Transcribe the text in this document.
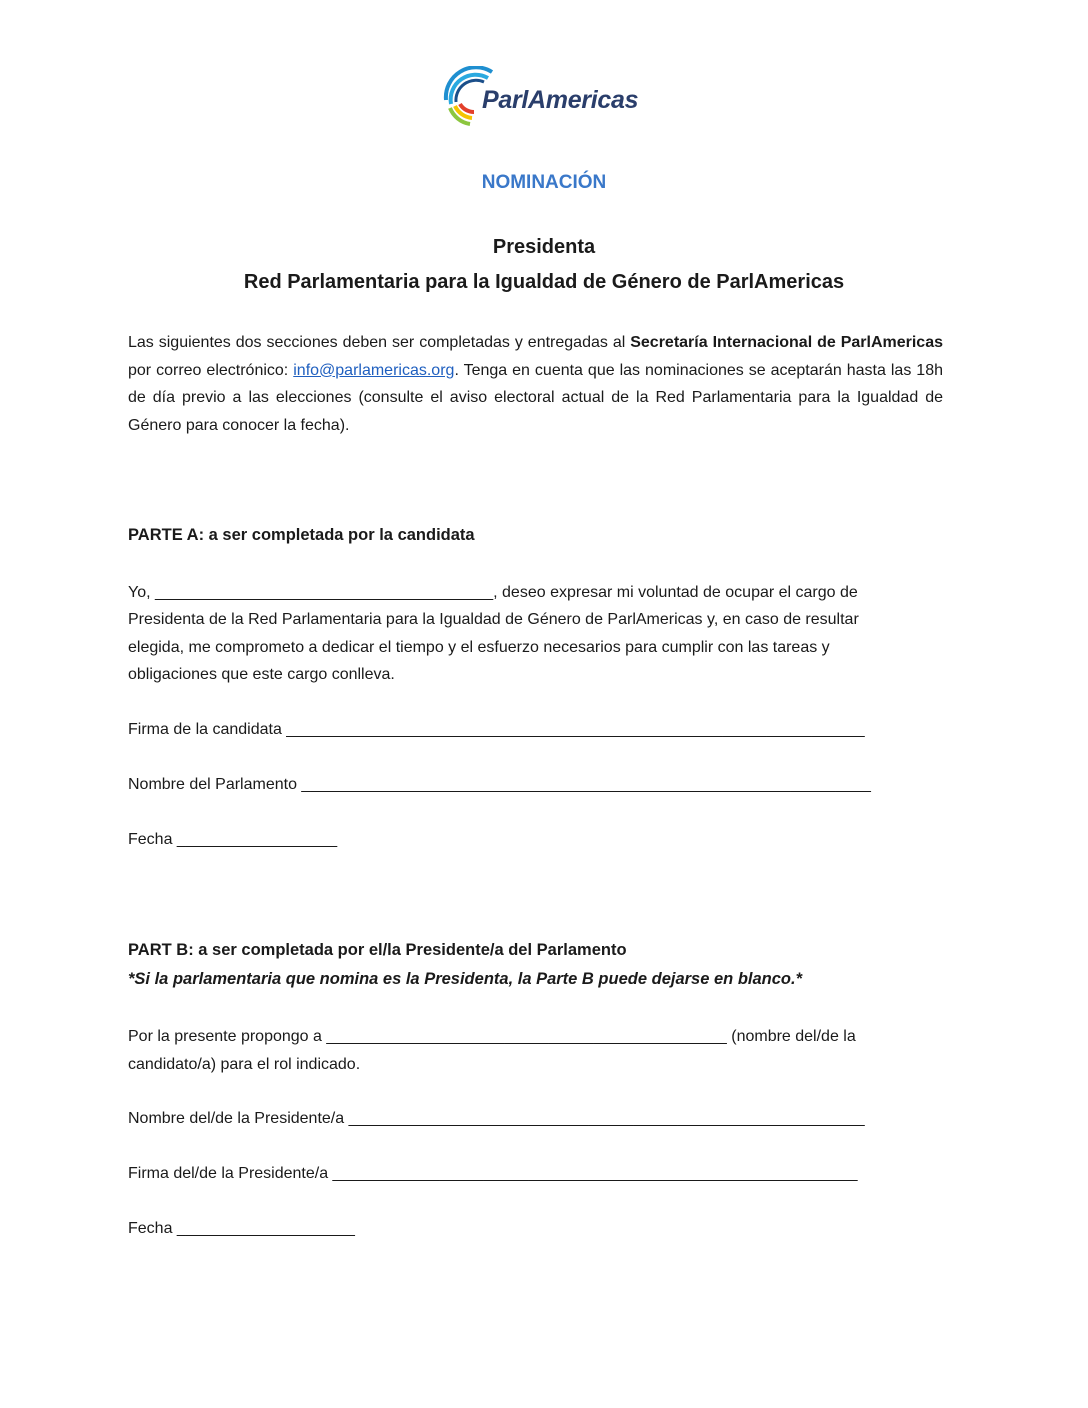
ParlAmericas
NOMINACIÓN
Presidenta
Red Parlamentaria para la Igualdad de Género de ParlAmericas
Las siguientes dos secciones deben ser completadas y entregadas al Secretaría Internacional de ParlAmericas por correo electrónico: info@parlamericas.org. Tenga en cuenta que las nominaciones se aceptarán hasta las 18h de día previo a las elecciones (consulte el aviso electoral actual de la Red Parlamentaria para la Igualdad de Género para conocer la fecha).
PARTE A: a ser completada por la candidata
Yo, ______________________________________, deseo expresar mi voluntad de ocupar el cargo de
Presidenta de la Red Parlamentaria para la Igualdad de Género de ParlAmericas y, en caso de resultar
elegida, me comprometo a dedicar el tiempo y el esfuerzo necesarios para cumplir con las tareas y
obligaciones que este cargo conlleva.
Firma de la candidata _________________________________________________________________
Nombre del Parlamento ________________________________________________________________
Fecha __________________
PART B: a ser completada por el/la Presidente/a del Parlamento
*Si la parlamentaria que nomina es la Presidenta, la Parte B puede dejarse en blanco.*
Por la presente propongo a _____________________________________________ (nombre del/de la
candidato/a) para el rol indicado.
Nombre del/de la Presidente/a __________________________________________________________
Firma del/de la Presidente/a ___________________________________________________________
Fecha ____________________
